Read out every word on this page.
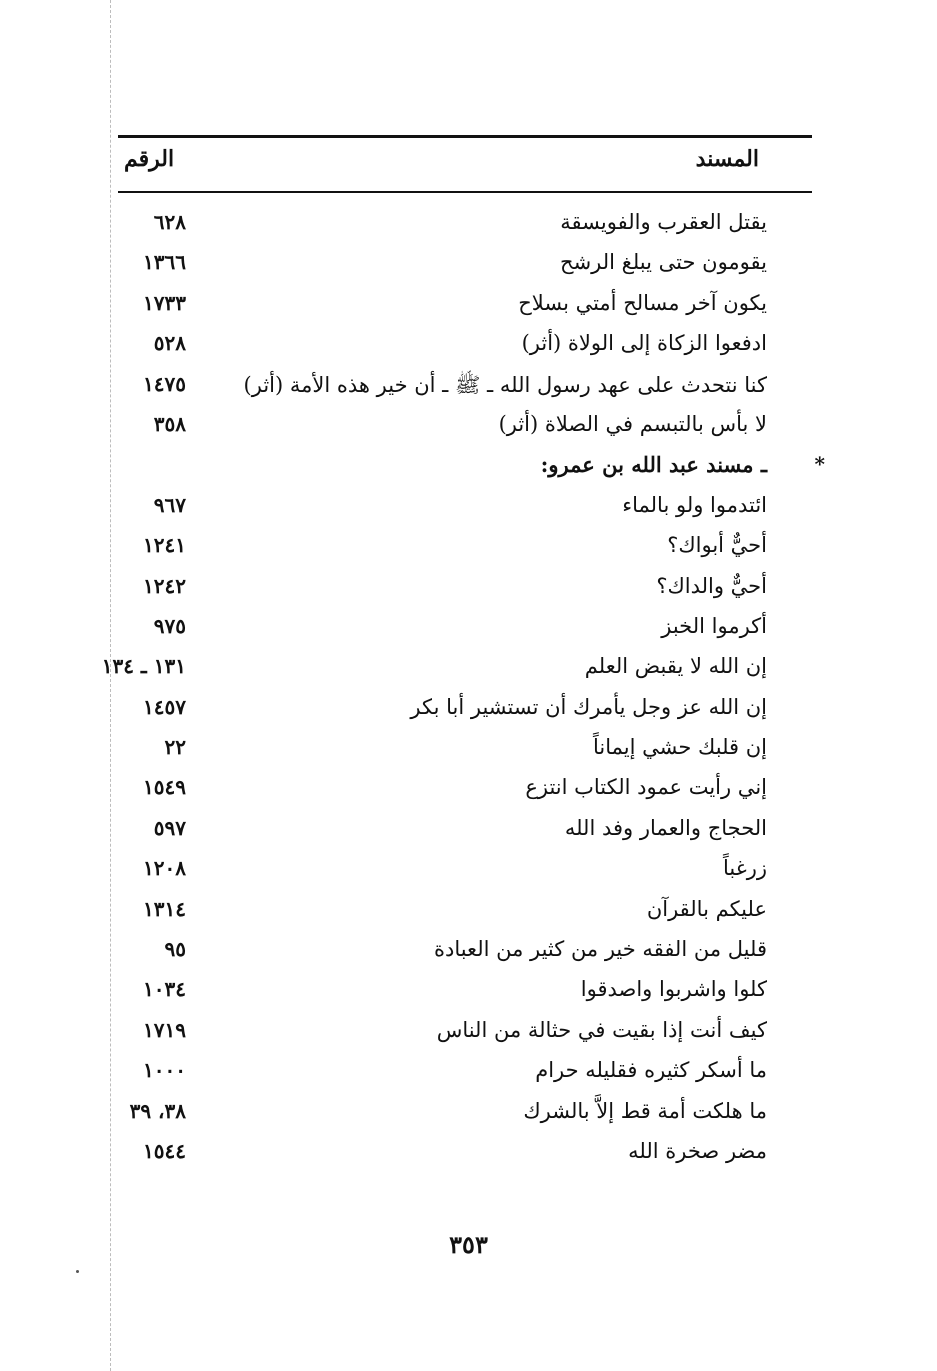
المسند
الرقم
يقتل العقرب والفويسقة
٦٢٨
يقومون حتى يبلغ الرشح
١٣٦٦
يكون آخر مسالح أمتي بسلاح
١٧٣٣
ادفعوا الزكاة إلى الولاة (أثر)
٥٢٨
كنا نتحدث على عهد رسول الله ـ ﷺ ـ أن خير هذه الأمة (أثر)
١٤٧٥
لا بأس بالتبسم في الصلاة (أثر)
٣٥٨
*
ـ مسند عبد الله بن عمرو:
ائتدموا ولو بالماء
٩٦٧
أحيٌّ أبواك؟
١٢٤١
أحيٌّ والداك؟
١٢٤٢
أكرموا الخبز
٩٧٥
إن الله لا يقبض العلم
١٣١ ـ ١٣٤
إن الله عز وجل يأمرك أن تستشير أبا بكر
١٤٥٧
إن قلبك حشي إيماناً
٢٢
إني رأيت عمود الكتاب انتزع
١٥٤٩
الحجاج والعمار وفد الله
٥٩٧
زرغباً
١٢٠٨
عليكم بالقرآن
١٣١٤
قليل من الفقه خير من كثير من العبادة
٩٥
كلوا واشربوا واصدقوا
١٠٣٤
كيف أنت إذا بقيت في حثالة من الناس
١٧١٩
ما أسكر كثيره فقليله حرام
١٠٠٠
ما هلكت أمة قط إلاَّ بالشرك
٣٨، ٣٩
مضر صخرة الله
١٥٤٤
٣٥٣
